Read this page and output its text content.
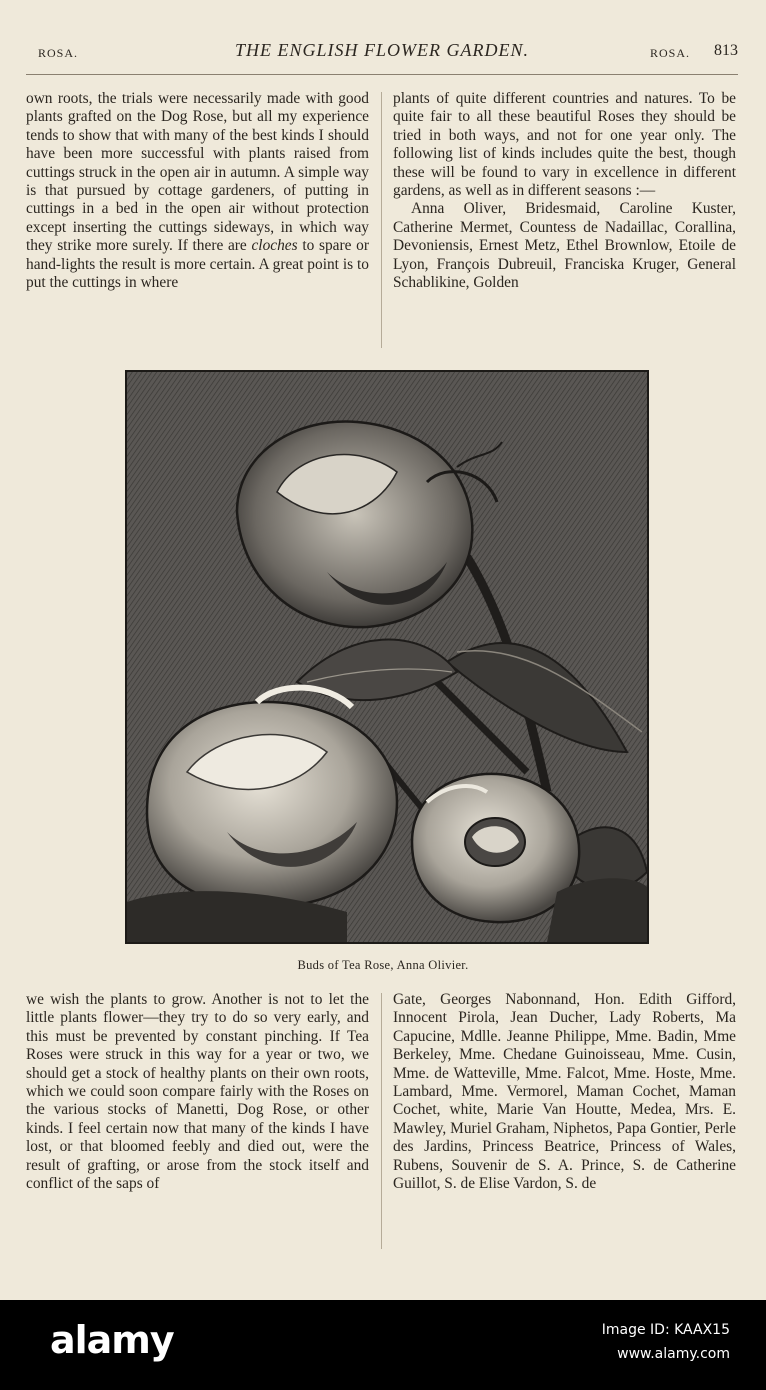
ROSA.	THE ENGLISH FLOWER GARDEN.	ROSA. 813

own roots, the trials were necessarily made with good plants grafted on the Dog Rose, but all my experience tends to show that with many of the best kinds I should have been more successful with plants raised from cuttings struck in the open air in autumn. A simple way is that pursued by cottage gardeners, of putting in cuttings in a bed in the open air without protection except inserting the cuttings sideways, in which way they strike more surely. If there are cloches to spare or hand-lights the result is more certain. A great point is to put the cuttings in where

plants of quite different countries and natures. To be quite fair to all these beautiful Roses they should be tried in both ways, and not for one year only. The following list of kinds includes quite the best, though these will be found to vary in excellence in different gardens, as well as in different seasons :—

Anna Oliver, Bridesmaid, Caroline Kuster, Catherine Mermet, Countess de Nadaillac, Corallina, Devoniensis, Ernest Metz, Ethel Brownlow, Etoile de Lyon, François Dubreuil, Franciska Kruger, General Schablikine, Golden

Buds of Tea Rose, Anna Olivier.

we wish the plants to grow. Another is not to let the little plants flower—they try to do so very early, and this must be prevented by constant pinching. If Tea Roses were struck in this way for a year or two, we should get a stock of healthy plants on their own roots, which we could soon compare fairly with the Roses on the various stocks of Manetti, Dog Rose, or other kinds. I feel certain now that many of the kinds I have lost, or that bloomed feebly and died out, were the result of grafting, or arose from the stock itself and conflict of the saps of

Gate, Georges Nabonnand, Hon. Edith Gifford, Innocent Pirola, Jean Ducher, Lady Roberts, Ma Capucine, Mdlle. Jeanne Philippe, Mme. Badin, Mme Berkeley, Mme. Chedane Guinoisseau, Mme. Cusin, Mme. de Watteville, Mme. Falcot, Mme. Hoste, Mme. Lambard, Mme. Vermorel, Maman Cochet, Maman Cochet, white, Marie Van Houtte, Medea, Mrs. E. Mawley, Muriel Graham, Niphetos, Papa Gontier, Perle des Jardins, Princess Beatrice, Princess of Wales, Rubens, Souvenir de S. A. Prince, S. de Catherine Guillot, S. de Elise Vardon, S. de

alamy	Image ID: KAAX15
www.alamy.com
